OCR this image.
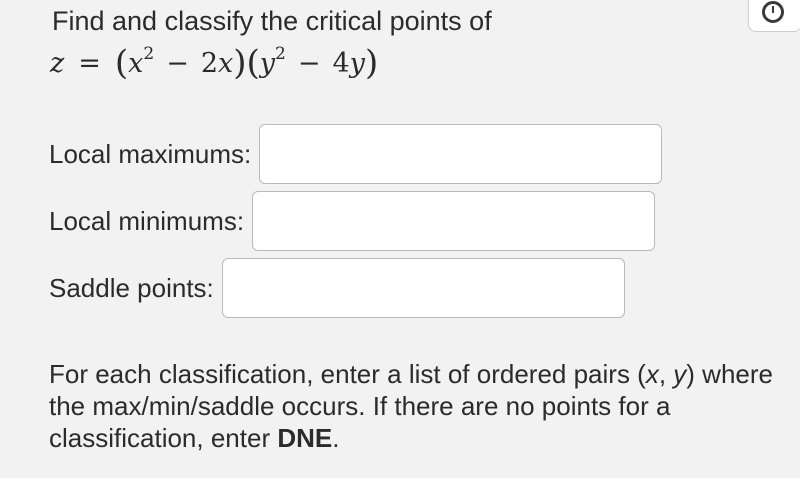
Find and classify the critical points of
$z = (x^2 - 2x)(y^2 - 4y)$
Local maximums:
Local minimums:
Saddle points:
For each classification, enter a list of ordered pairs (x, y) where the max/min/saddle occurs. If there are no points for a classification, enter DNE.
